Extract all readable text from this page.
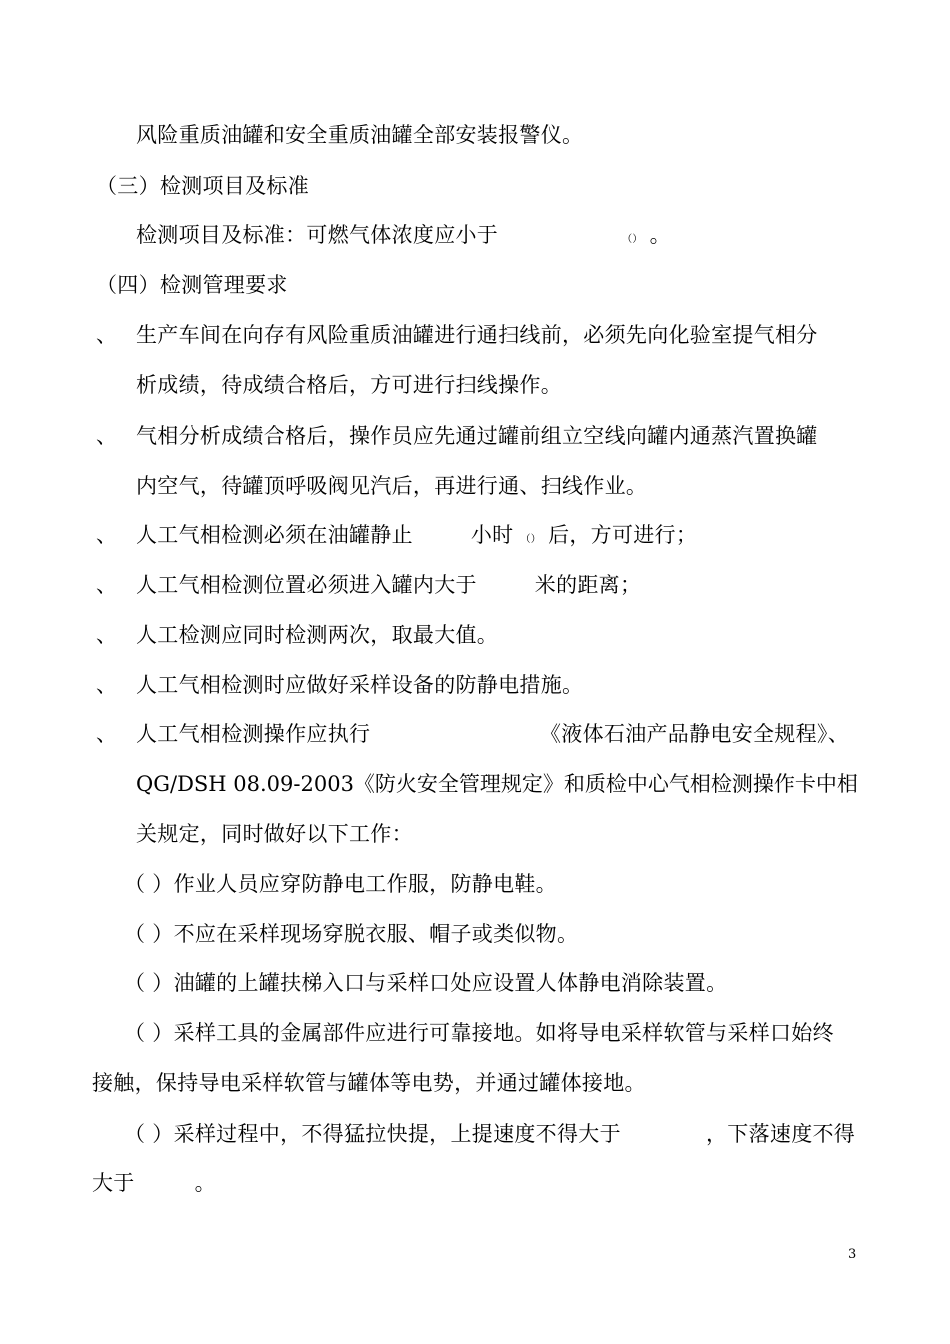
风险重质油罐和安全重质油罐全部安装报警仪。
（三）检测项目及标准
检测项目及标准：可燃气体浓度应小于	（） 。
（四）检测管理要求
、 生产车间在向存有风险重质油罐进行通扫线前，必须先向化验室提气相分
析成绩，待成绩合格后，方可进行扫线操作。
、 气相分析成绩合格后，操作员应先通过罐前组立空线向罐内通蒸汽置换罐
内空气，待罐顶呼吸阀见汽后，再进行通、扫线作业。
、 人工气相检测必须在油罐静止	小时 （） 后，方可进行；
、 人工气相检测位置必须进入罐内大于	米的距离；
、 人工检测应同时检测两次，取最大值。
、 人工气相检测时应做好采样设备的防静电措施。
、 人工气相检测操作应执行	《液体石油产品静电安全规程》、
QG/DSH 08.09-2003《防火安全管理规定》和质检中心气相检测操作卡中相
关规定，同时做好以下工作：
（ ）作业人员应穿防静电工作服，防静电鞋。
（ ）不应在采样现场穿脱衣服、帽子或类似物。
（ ）油罐的上罐扶梯入口与采样口处应设置人体静电消除装置。
（ ）采样工具的金属部件应进行可靠接地。如将导电采样软管与采样口始终
接触，保持导电采样软管与罐体等电势，并通过罐体接地。
（ ）采样过程中，不得猛拉快提，上提速度不得大于	，下落速度不得
大于	。
3
